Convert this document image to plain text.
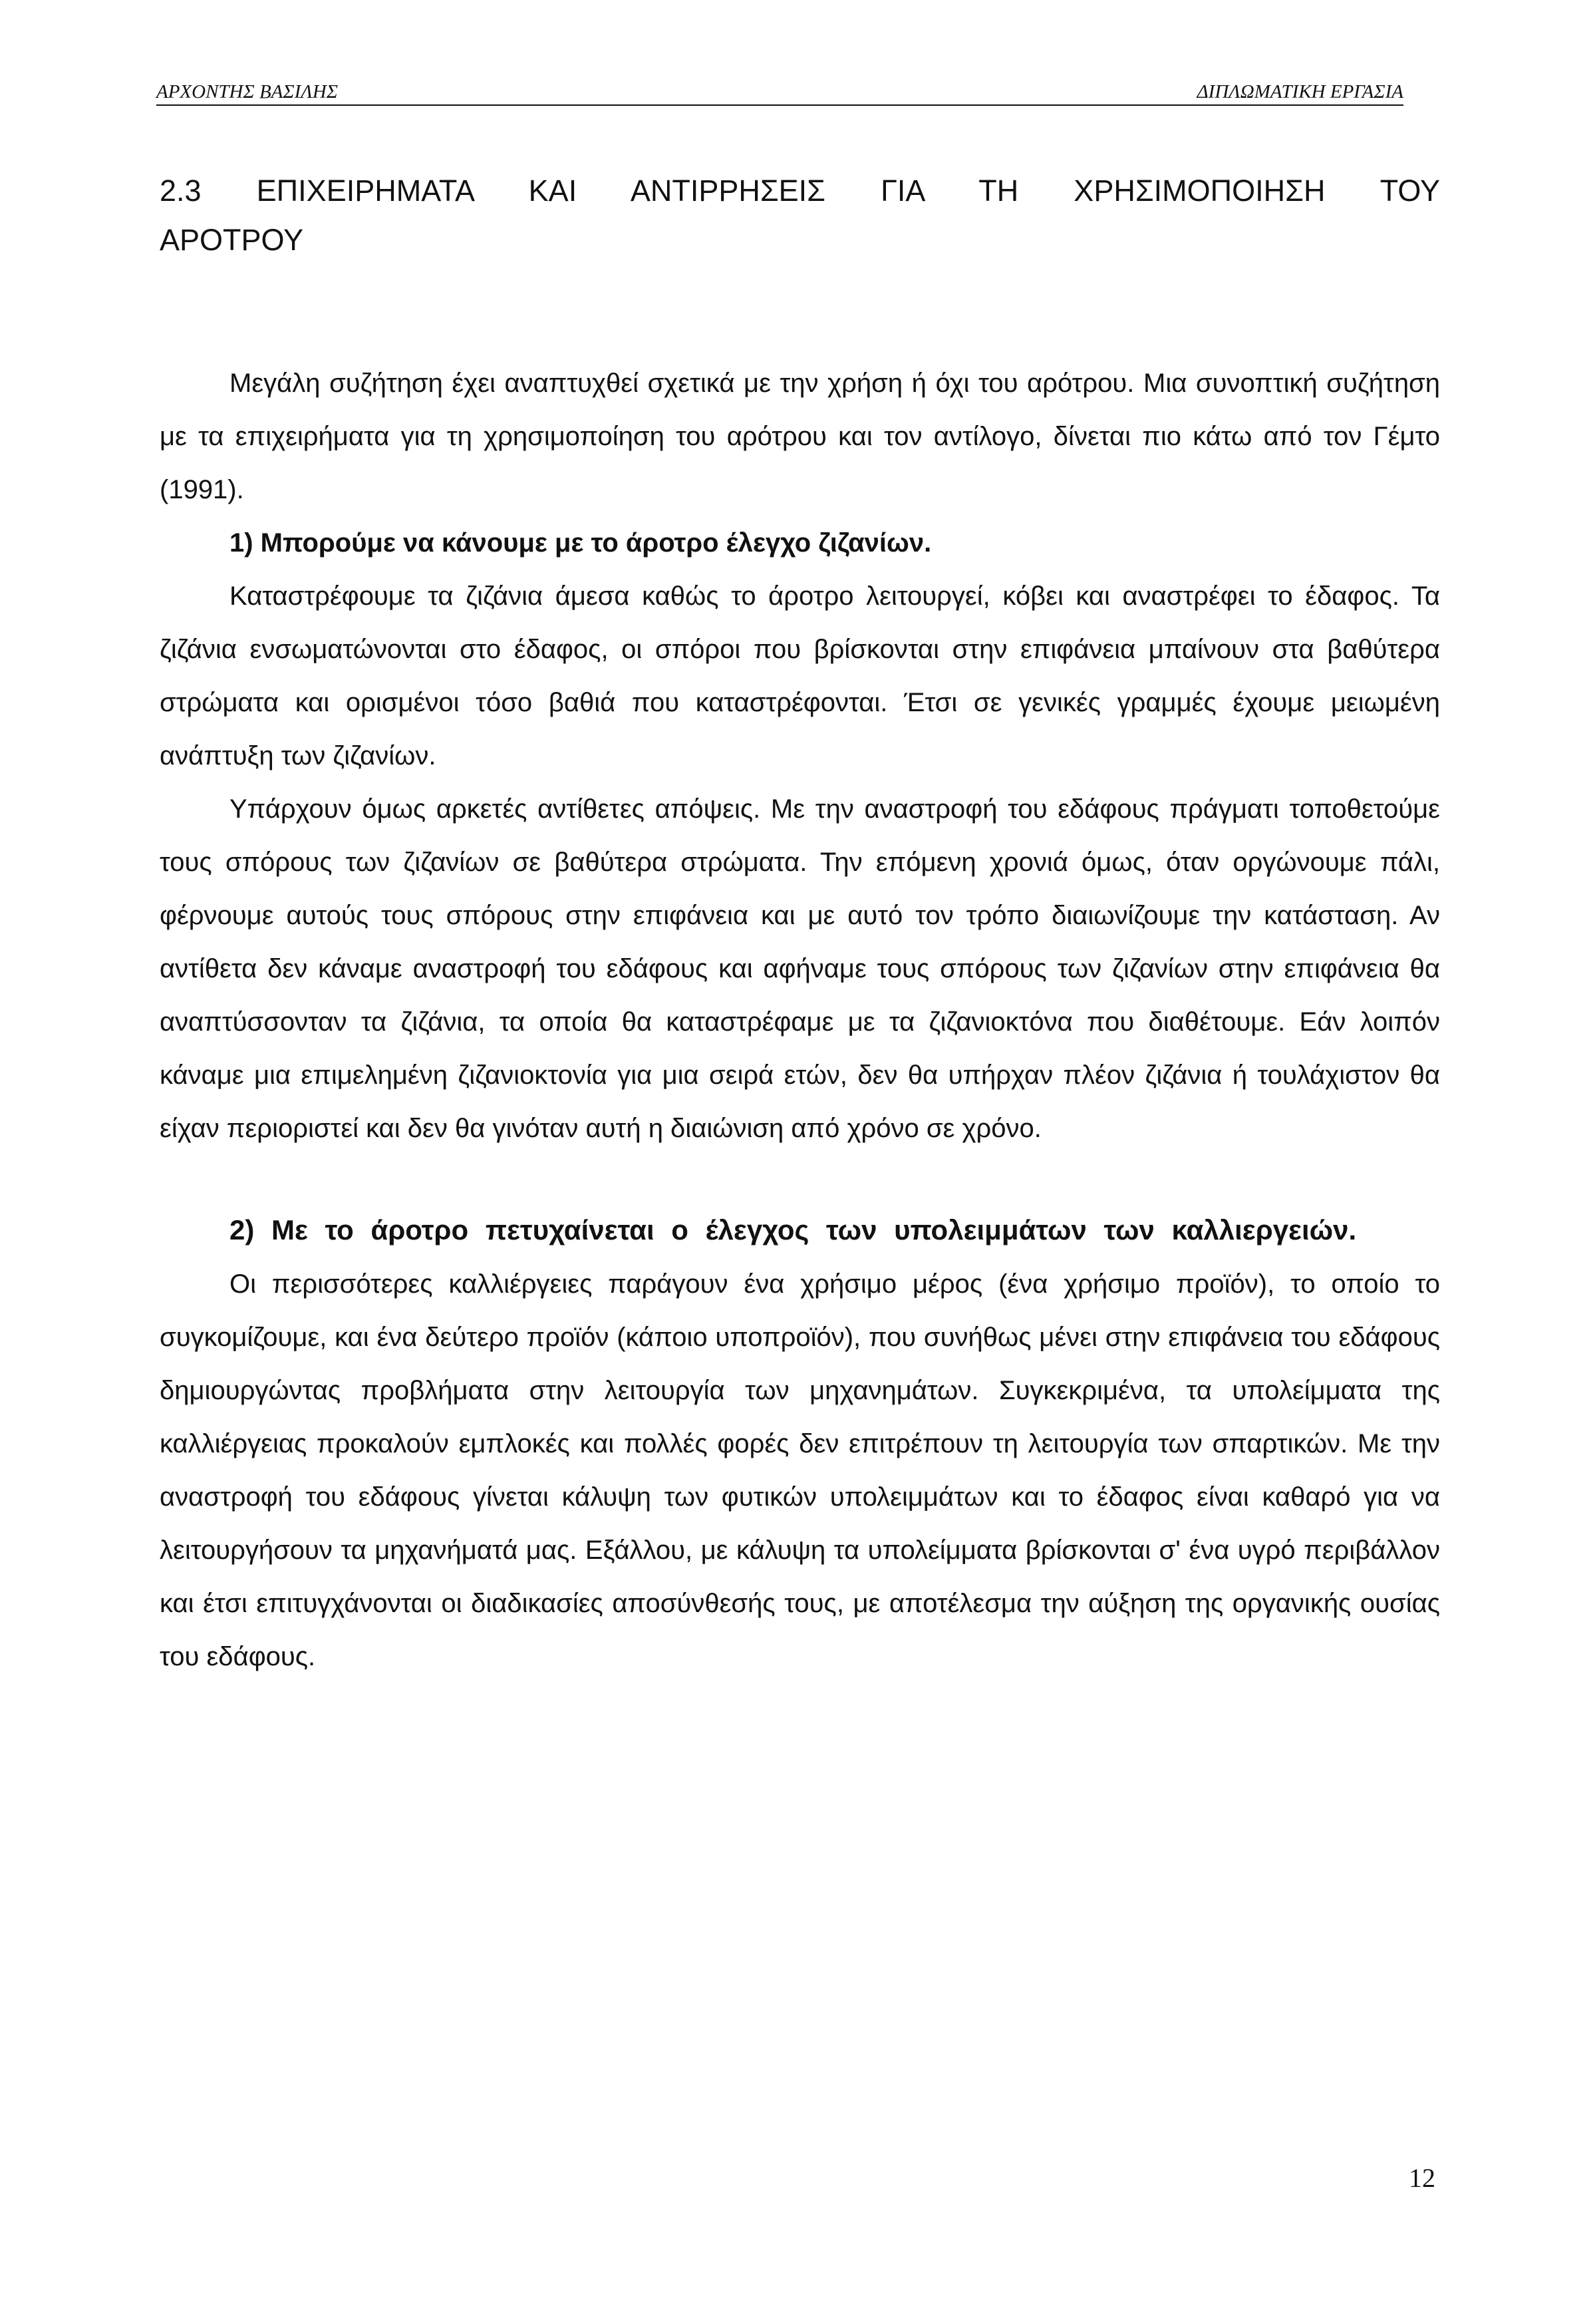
ΑΡΧΟΝΤΗΣ ΒΑΣΙΛΗΣ	ΔΙΠΛΩΜΑΤΙΚΗ ΕΡΓΑΣΙΑ
2.3 ΕΠΙΧΕΙΡΗΜΑΤΑ ΚΑΙ ΑΝΤΙΡΡΗΣΕΙΣ ΓΙΑ ΤΗ ΧΡΗΣΙΜΟΠΟΙΗΣΗ ΤΟΥ
ΑΡΟΤΡΟΥ

Μεγάλη συζήτηση έχει αναπτυχθεί σχετικά με την χρήση ή όχι του αρότρου. Μια συνοπτική συζήτηση με τα επιχειρήματα για τη χρησιμοποίηση του αρότρου και τον αντίλογο, δίνεται πιο κάτω από τον Γέμτο (1991).

1) Μπορούμε να κάνουμε με το άροτρο έλεγχο ζιζανίων.

Καταστρέφουμε τα ζιζάνια άμεσα καθώς το άροτρο λειτουργεί, κόβει και αναστρέφει το έδαφος. Τα ζιζάνια ενσωματώνονται στο έδαφος, οι σπόροι που βρίσκονται στην επιφάνεια μπαίνουν στα βαθύτερα στρώματα και ορισμένοι τόσο βαθιά που καταστρέφονται. Έτσι σε γενικές γραμμές έχουμε μειωμένη ανάπτυξη των ζιζανίων.

Υπάρχουν όμως αρκετές αντίθετες απόψεις. Με την αναστροφή του εδάφους πράγματι τοποθετούμε τους σπόρους των ζιζανίων σε βαθύτερα στρώματα. Την επόμενη χρονιά όμως, όταν οργώνουμε πάλι, φέρνουμε αυτούς τους σπόρους στην επιφάνεια και με αυτό τον τρόπο διαιωνίζουμε την κατάσταση. Αν αντίθετα δεν κάναμε αναστροφή του εδάφους και αφήναμε τους σπόρους των ζιζανίων στην επιφάνεια θα αναπτύσσονταν τα ζιζάνια, τα οποία θα καταστρέφαμε με τα ζιζανιοκτόνα που διαθέτουμε. Εάν λοιπόν κάναμε μια επιμελημένη ζιζανιοκτονία για μια σειρά ετών, δεν θα υπήρχαν πλέον ζιζάνια ή τουλάχιστον θα είχαν περιοριστεί και δεν θα γινόταν αυτή η διαιώνιση από χρόνο σε χρόνο.

2) Με το άροτρο πετυχαίνεται ο έλεγχος των υπολειμμάτων των καλλιεργειών.

Οι περισσότερες καλλιέργειες παράγουν ένα χρήσιμο μέρος (ένα χρήσιμο προϊόν), το οποίο το συγκομίζουμε, και ένα δεύτερο προϊόν (κάποιο υποπροϊόν), που συνήθως μένει στην επιφάνεια του εδάφους δημιουργώντας προβλήματα στην λειτουργία των μηχανημάτων. Συγκεκριμένα, τα υπολείμματα της καλλιέργειας προκαλούν εμπλοκές και πολλές φορές δεν επιτρέπουν τη λειτουργία των σπαρτικών. Με την αναστροφή του εδάφους γίνεται κάλυψη των φυτικών υπολειμμάτων και το έδαφος είναι καθαρό για να λειτουργήσουν τα μηχανήματά μας. Εξάλλου, με κάλυψη τα υπολείμματα βρίσκονται σ' ένα υγρό περιβάλλον και έτσι επιτυγχάνονται οι διαδικασίες αποσύνθεσής τους, με αποτέλεσμα την αύξηση της οργανικής ουσίας του εδάφους.

12
